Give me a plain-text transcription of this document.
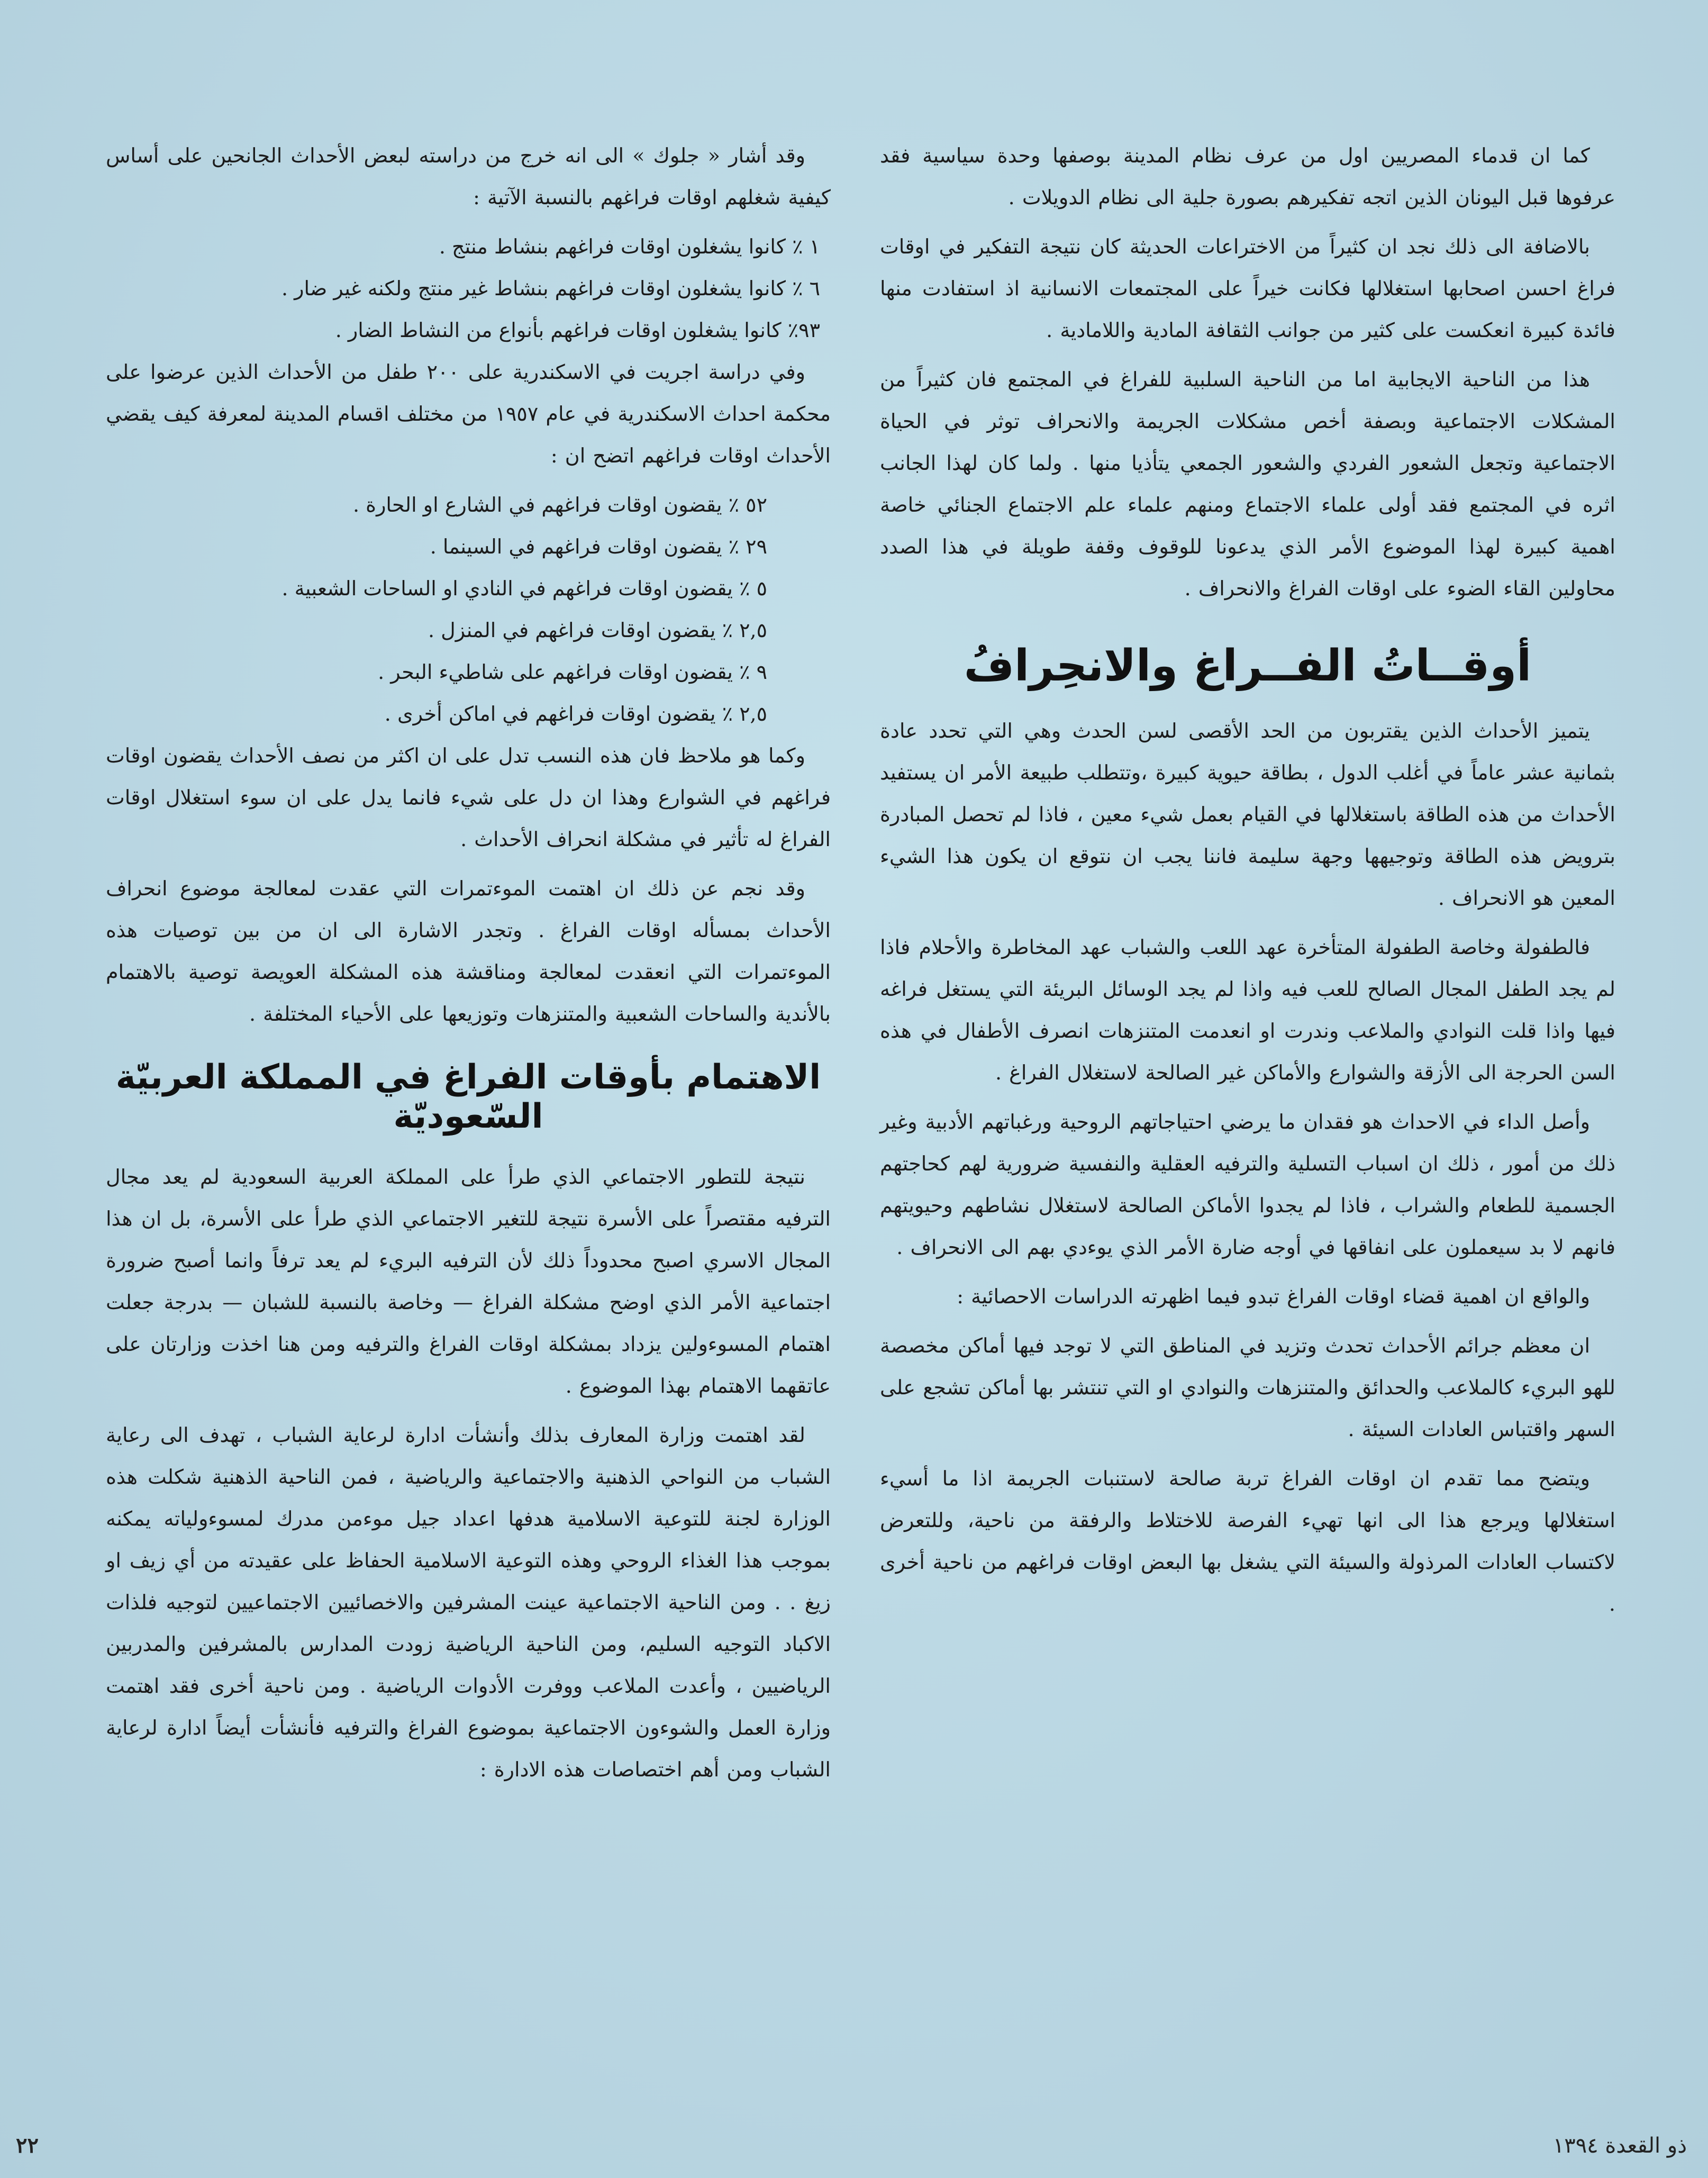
كما ان قدماء المصريين اول من عرف نظام المدينة بوصفها وحدة سياسية فقد عرفوها قبل اليونان الذين اتجه تفكيرهم بصورة جلية الى نظام الدويلات .

بالاضافة الى ذلك نجد ان كثيراً من الاختراعات الحديثة كان نتيجة التفكير في اوقات فراغ احسن اصحابها استغلالها فكانت خيراً على المجتمعات الانسانية اذ استفادت منها فائدة كبيرة انعكست على كثير من جوانب الثقافة المادية واللامادية .

هذا من الناحية الايجابية اما من الناحية السلبية للفراغ في المجتمع فان كثيراً من المشكلات الاجتماعية وبصفة أخص مشكلات الجريمة والانحراف توثر في الحياة الاجتماعية وتجعل الشعور الفردي والشعور الجمعي يتأذيا منها . ولما كان لهذا الجانب اثره في المجتمع فقد أولى علماء الاجتماع ومنهم علماء علم الاجتماع الجنائي خاصة اهمية كبيرة لهذا الموضوع الأمر الذي يدعونا للوقوف وقفة طويلة في هذا الصدد محاولين القاء الضوء على اوقات الفراغ والانحراف .

أوقــاتُ الفــراغ والانحِرافُ

يتميز الأحداث الذين يقتربون من الحد الأقصى لسن الحدث وهي التي تحدد عادة بثمانية عشر عاماً في أغلب الدول ، بطاقة حيوية كبيرة ،وتتطلب طبيعة الأمر ان يستفيد الأحداث من هذه الطاقة باستغلالها في القيام بعمل شيء معين ، فاذا لم تحصل المبادرة بترويض هذه الطاقة وتوجيهها وجهة سليمة فاننا يجب ان نتوقع ان يكون هذا الشيء المعين هو الانحراف .

فالطفولة وخاصة الطفولة المتأخرة عهد اللعب والشباب عهد المخاطرة والأحلام فاذا لم يجد الطفل المجال الصالح للعب فيه واذا لم يجد الوسائل البريئة التي يستغل فراغه فيها واذا قلت النوادي والملاعب وندرت او انعدمت المتنزهات انصرف الأطفال في هذه السن الحرجة الى الأزقة والشوارع والأماكن غير الصالحة لاستغلال الفراغ .

وأصل الداء في الاحداث هو فقدان ما يرضي احتياجاتهم الروحية ورغباتهم الأدبية وغير ذلك من أمور ، ذلك ان اسباب التسلية والترفيه العقلية والنفسية ضرورية لهم كحاجتهم الجسمية للطعام والشراب ، فاذا لم يجدوا الأماكن الصالحة لاستغلال نشاطهم وحيويتهم فانهم لا بد سيعملون على انفاقها في أوجه ضارة الأمر الذي يوءدي بهم الى الانحراف .

والواقع ان اهمية قضاء اوقات الفراغ تبدو فيما اظهرته الدراسات الاحصائية :

ان معظم جرائم الأحداث تحدث وتزيد في المناطق التي لا توجد فيها أماكن مخصصة للهو البريء كالملاعب والحدائق والمتنزهات والنوادي او التي تنتشر بها أماكن تشجع على السهر واقتباس العادات السيئة .

ويتضح مما تقدم ان اوقات الفراغ تربة صالحة لاستنبات الجريمة اذا ما أسيء استغلالها ويرجع هذا الى انها تهيء الفرصة للاختلاط والرفقة من ناحية، وللتعرض لاكتساب العادات المرذولة والسيئة التي يشغل بها البعض اوقات فراغهم من ناحية أخرى .

وقد أشار « جلوك » الى انه خرج من دراسته لبعض الأحداث الجانحين على أساس كيفية شغلهم اوقات فراغهم بالنسبة الآتية :

١ ٪ كانوا يشغلون اوقات فراغهم بنشاط منتج .
٦ ٪ كانوا يشغلون اوقات فراغهم بنشاط غير منتج ولكنه غير ضار .
٩٣٪ كانوا يشغلون اوقات فراغهم بأنواع من النشاط الضار .

وفي دراسة اجريت في الاسكندرية على ٢٠٠ طفل من الأحداث الذين عرضوا على محكمة احداث الاسكندرية في عام ١٩٥٧ من مختلف اقسام المدينة لمعرفة كيف يقضي الأحداث اوقات فراغهم اتضح ان :

٥٢ ٪ يقضون اوقات فراغهم في الشارع او الحارة .
٢٩ ٪ يقضون اوقات فراغهم في السينما .
٥ ٪ يقضون اوقات فراغهم في النادي او الساحات الشعبية .
٢,٥ ٪ يقضون اوقات فراغهم في المنزل .
٩ ٪ يقضون اوقات فراغهم على شاطيء البحر .
٢,٥ ٪ يقضون اوقات فراغهم في اماكن أخرى .

وكما هو ملاحظ فان هذه النسب تدل على ان اكثر من نصف الأحداث يقضون اوقات فراغهم في الشوارع وهذا ان دل على شيء فانما يدل على ان سوء استغلال اوقات الفراغ له تأثير في مشكلة انحراف الأحداث .

وقد نجم عن ذلك ان اهتمت الموءتمرات التي عقدت لمعالجة موضوع انحراف الأحداث بمسأله اوقات الفراغ . وتجدر الاشارة الى ان من بين توصيات هذه الموءتمرات التي انعقدت لمعالجة ومناقشة هذه المشكلة العويصة توصية بالاهتمام بالأندية والساحات الشعبية والمتنزهات وتوزيعها على الأحياء المختلفة .

الاهتمام بأوقات الفراغ في المملكة العربيّة السّعوديّة

نتيجة للتطور الاجتماعي الذي طرأ على المملكة العربية السعودية لم يعد مجال الترفيه مقتصراً على الأسرة نتيجة للتغير الاجتماعي الذي طرأ على الأسرة، بل ان هذا المجال الاسري اصبح محدوداً ذلك لأن الترفيه البريء لم يعد ترفاً وانما أصبح ضرورة اجتماعية الأمر الذي اوضح مشكلة الفراغ — وخاصة بالنسبة للشبان — بدرجة جعلت اهتمام المسوءولين يزداد بمشكلة اوقات الفراغ والترفيه ومن هنا اخذت وزارتان على عاتقهما الاهتمام بهذا الموضوع .

لقد اهتمت وزارة المعارف بذلك وأنشأت ادارة لرعاية الشباب ، تهدف الى رعاية الشباب من النواحي الذهنية والاجتماعية والرياضية ، فمن الناحية الذهنية شكلت هذه الوزارة لجنة للتوعية الاسلامية هدفها اعداد جيل موءمن مدرك لمسوءولياته يمكنه بموجب هذا الغذاء الروحي وهذه التوعية الاسلامية الحفاظ على عقيدته من أي زيف او زيغ . . ومن الناحية الاجتماعية عينت المشرفين والاخصائيين الاجتماعيين لتوجيه فلذات الاكباد التوجيه السليم، ومن الناحية الرياضية زودت المدارس بالمشرفين والمدربين الرياضيين ، وأعدت الملاعب ووفرت الأدوات الرياضية . ومن ناحية أخرى فقد اهتمت وزارة العمل والشوءون الاجتماعية بموضوع الفراغ والترفيه فأنشأت أيضاً ادارة لرعاية الشباب ومن أهم اختصاصات هذه الادارة :

ذو القعدة ١٣٩٤
٢٢
